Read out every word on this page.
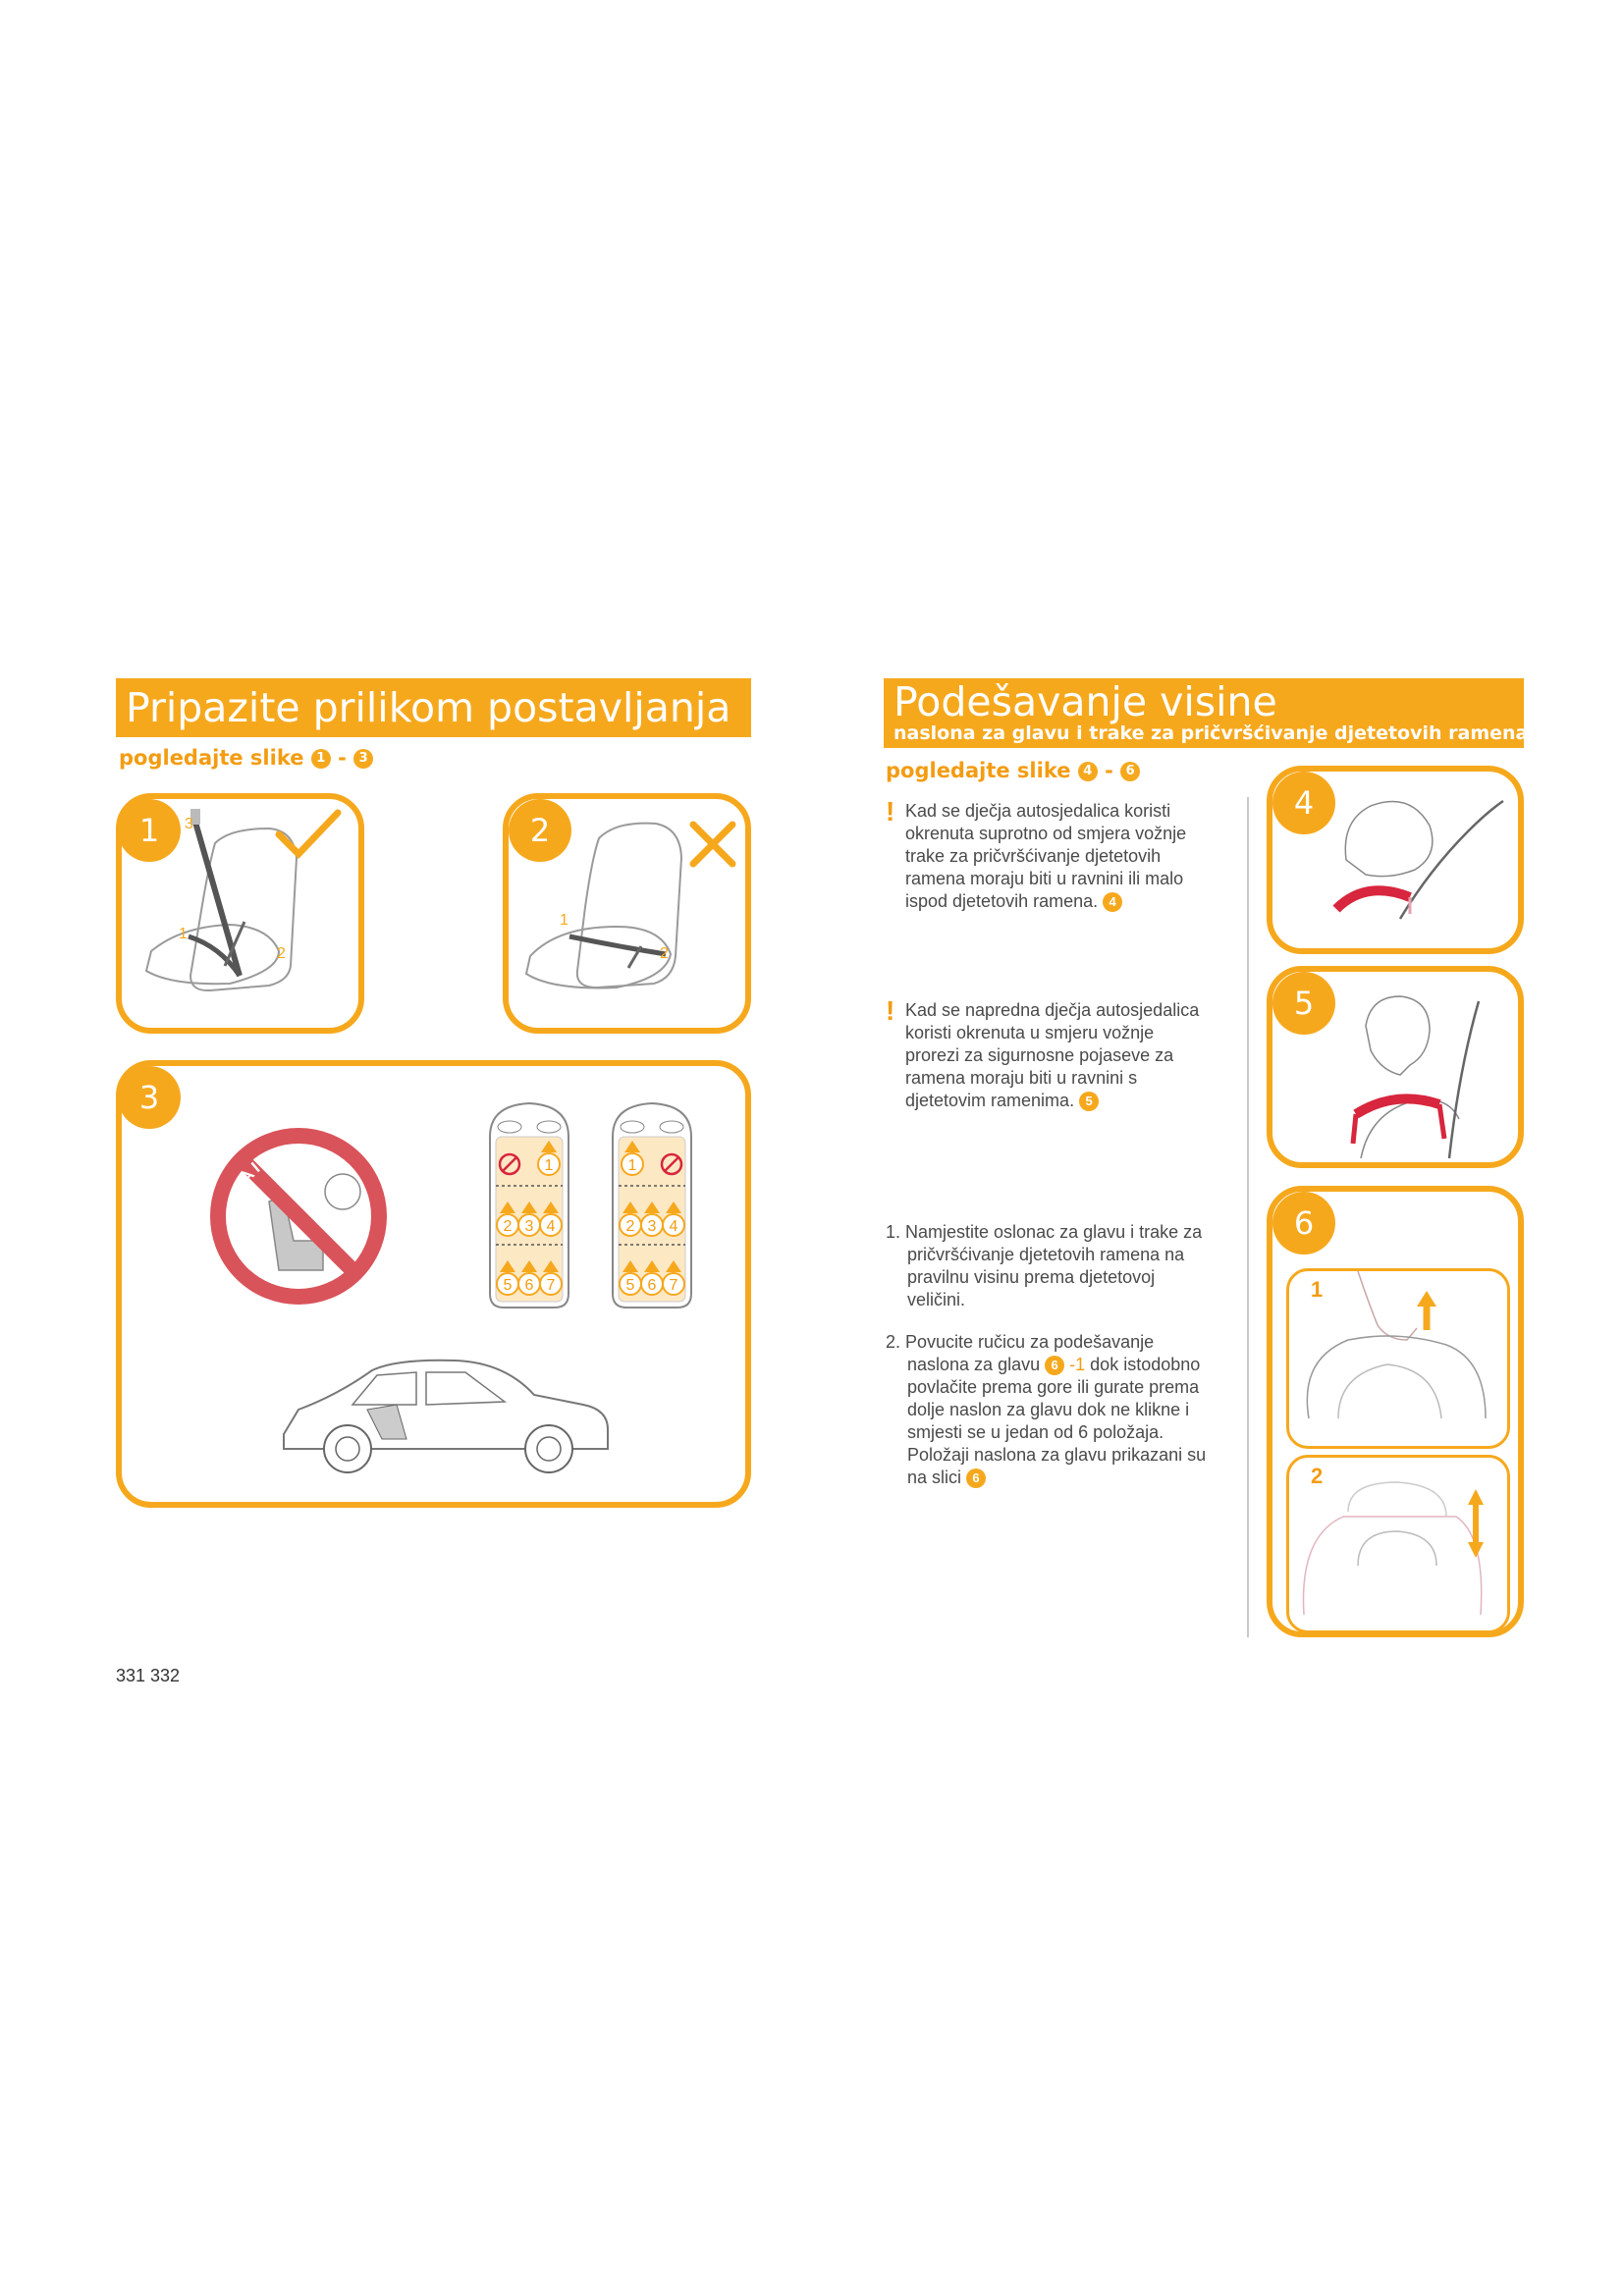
Pripazite prilikom postavljanja
pogledajte slike 1 - 3
3
1
2
1
1
2
2
3
AIRBAG
1
2 3 4
5 6 7
1
2 3 4
5 6 7
331 332
Podešavanje visine
naslona za glavu i trake za pričvršćivanje djetetovih ramena
pogledajte slike 4 - 6
! Kad se dječja autosjedalica koristi
okrenuta suprotno od smjera vožnje
trake za pričvršćivanje djetetovih
ramena moraju biti u ravnini ili malo
ispod djetetovih ramena. 4
! Kad se napredna dječja autosjedalica
koristi okrenuta u smjeru vožnje
prorezi za sigurnosne pojaseve za
ramena moraju biti u ravnini s
djetetovim ramenima. 5
1. Namjestite oslonac za glavu i trake za
pričvršćivanje djetetovih ramena na
pravilnu visinu prema djetetovoj
veličini.
2. Povucite ručicu za podešavanje
naslona za glavu 6 -1 dok istodobno
povlačite prema gore ili gurate prema
dolje naslon za glavu dok ne klikne i
smjesti se u jedan od 6 položaja.
Položaji naslona za glavu prikazani su
na slici 6
4
5
6
1
2
